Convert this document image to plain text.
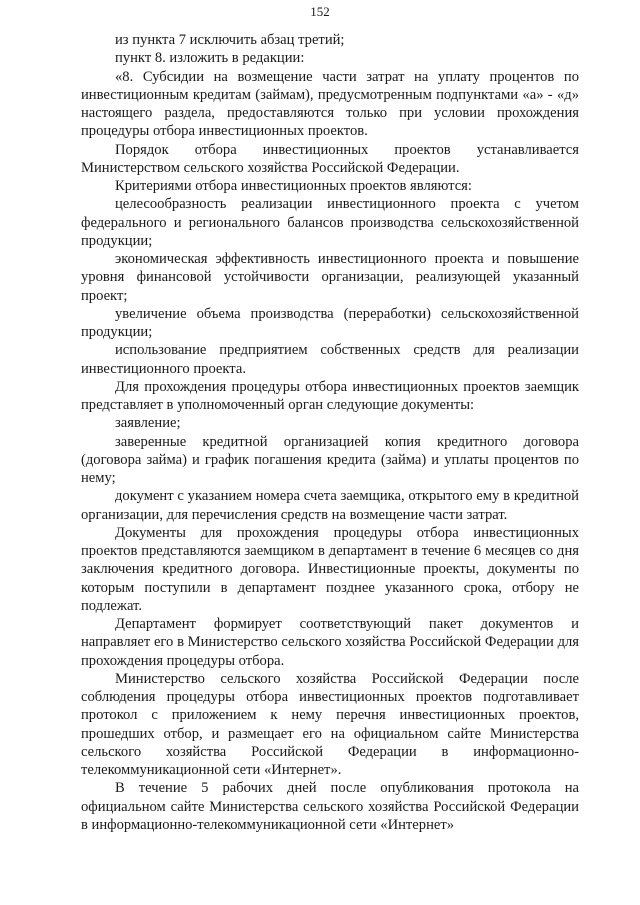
152

из пункта 7 исключить абзац третий;

пункт 8. изложить в редакции:

«8. Субсидии на возмещение части затрат на уплату процентов по инвестиционным кредитам (займам), предусмотренным подпунктами «а» - «д» настоящего раздела, предоставляются только при условии прохождения процедуры отбора инвестиционных проектов.

Порядок отбора инвестиционных проектов устанавливается Министерством сельского хозяйства Российской Федерации.

Критериями отбора инвестиционных проектов являются:

целесообразность реализации инвестиционного проекта с учетом федерального и регионального балансов производства сельскохозяйственной продукции;

экономическая эффективность инвестиционного проекта и повышение уровня финансовой устойчивости организации, реализующей указанный проект;

увеличение объема производства (переработки) сельскохозяйственной продукции;

использование предприятием собственных средств для реализации инвестиционного проекта.

Для прохождения процедуры отбора инвестиционных проектов заемщик представляет в уполномоченный орган следующие документы:

заявление;

заверенные кредитной организацией копия кредитного договора (договора займа) и график погашения кредита (займа) и уплаты процентов по нему;

документ с указанием номера счета заемщика, открытого ему в кредитной организации, для перечисления средств на возмещение части затрат.

Документы для прохождения процедуры отбора инвестиционных проектов представляются заемщиком в департамент в течение 6 месяцев со дня заключения кредитного договора. Инвестиционные проекты, документы по которым поступили в департамент позднее указанного срока, отбору не подлежат.

Департамент формирует соответствующий пакет документов и направляет его в Министерство сельского хозяйства Российской Федерации для прохождения процедуры отбора.

Министерство сельского хозяйства Российской Федерации после соблюдения процедуры отбора инвестиционных проектов подготавливает протокол с приложением к нему перечня инвестиционных проектов, прошедших отбор, и размещает его на официальном сайте Министерства сельского хозяйства Российской Федерации в информационно-телекоммуникационной сети «Интернет».

В течение 5 рабочих дней после опубликования протокола на официальном сайте Министерства сельского хозяйства Российской Федерации в информационно-телекоммуникационной сети «Интернет»
